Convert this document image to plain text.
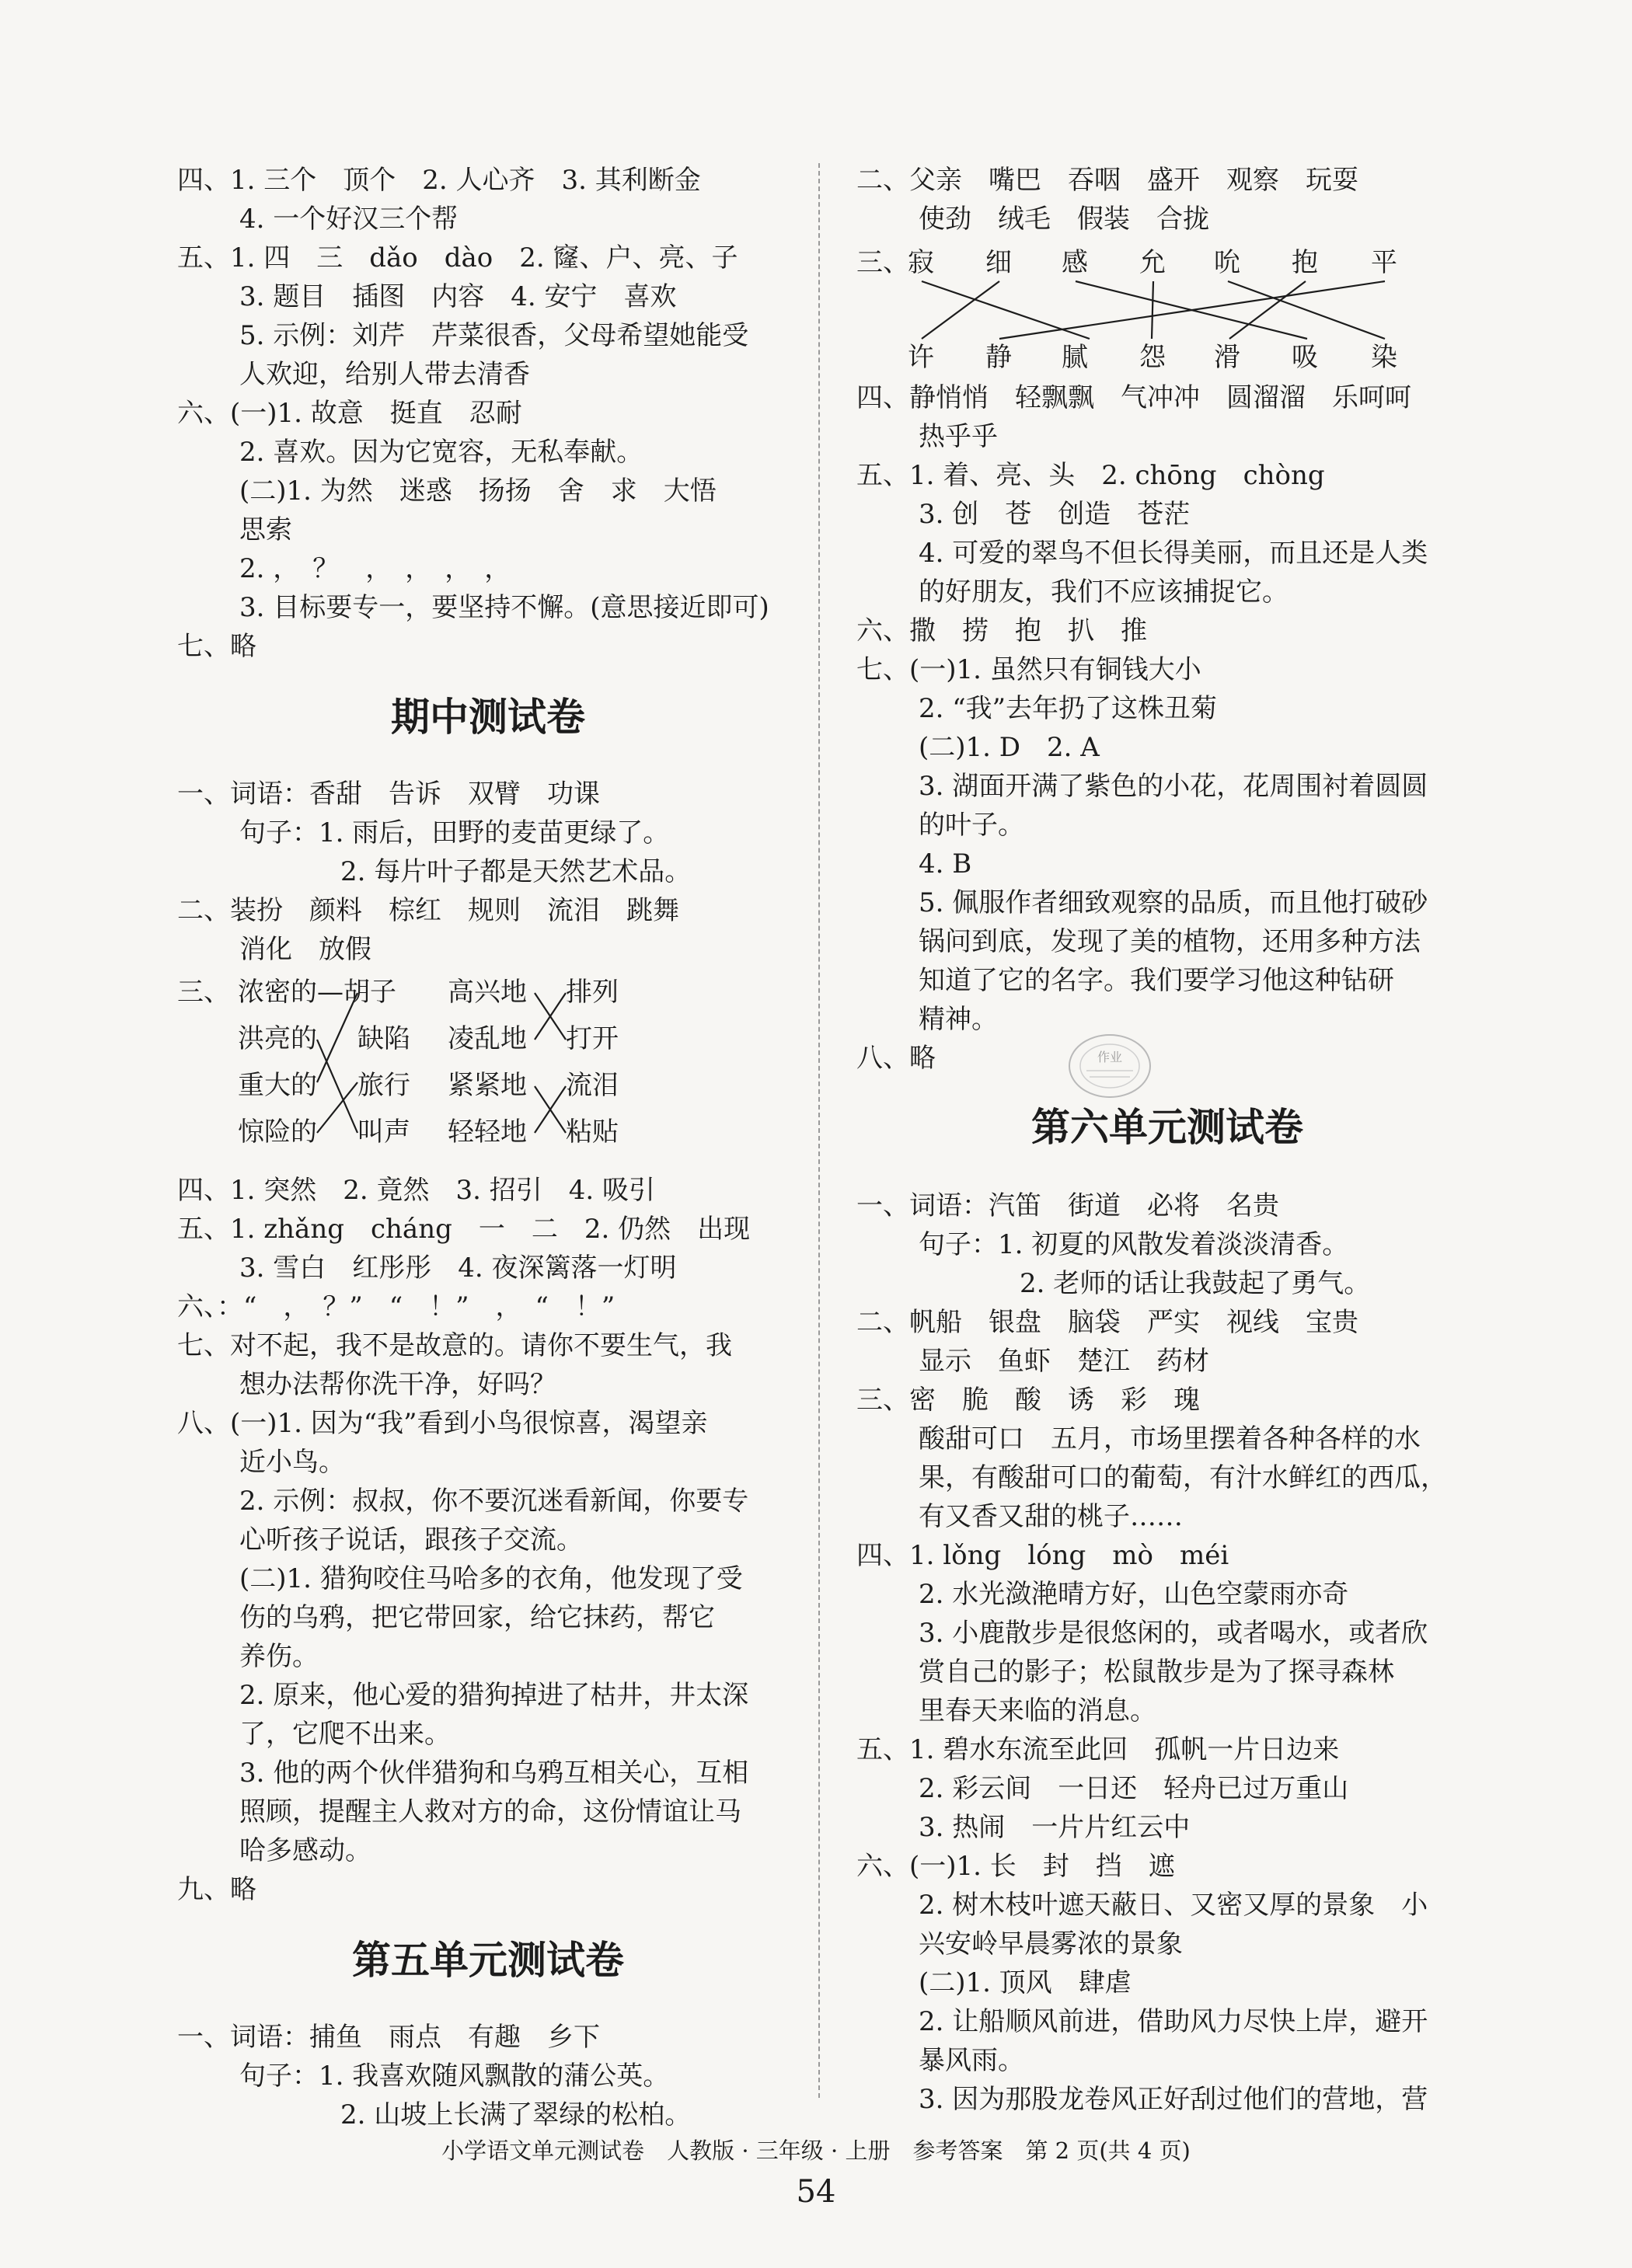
四、1. 三个　顶个　2. 人心齐　3. 其利断金
4. 一个好汉三个帮
五、1. 四　三　dǎo　dào　2. 窿、户、亮、子
3. 题目　插图　内容　4. 安宁　喜欢
5. 示例：刘芹　芹菜很香，父母希望她能受
人欢迎，给别人带去清香
六、(一)1. 故意　挺直　忍耐
2. 喜欢。因为它宽容，无私奉献。
(二)1. 为然　迷惑　扬扬　舍　求　大悟
思索
2. ，　？　，　，　，　，
3. 目标要专一，要坚持不懈。(意思接近即可)
七、略
期中测试卷
一、词语：香甜　告诉　双臂　功课
句子：1. 雨后，田野的麦苗更绿了。
2. 每片叶子都是天然艺术品。
二、装扮　颜料　棕红　规则　流泪　跳舞
消化　放假
三、 浓密的—胡子
洪亮的
重大的
惊险的
缺陷
旅行
叫声
高兴地
凌乱地
紧紧地
轻轻地
排列
打开
流泪
粘贴
四、1. 突然　2. 竟然　3. 招引　4. 吸引
五、1. zhǎng　cháng　一　二　2. 仍然　出现
3. 雪白　红彤彤　4. 夜深篱落一灯明
六、：“　，　？”　“　！”　，　“　！”
七、对不起，我不是故意的。请你不要生气，我
想办法帮你洗干净，好吗？
八、(一)1. 因为“我”看到小鸟很惊喜，渴望亲
近小鸟。
2. 示例：叔叔，你不要沉迷看新闻，你要专
心听孩子说话，跟孩子交流。
(二)1. 猎狗咬住马哈多的衣角，他发现了受
伤的乌鸦，把它带回家，给它抹药，帮它
养伤。
2. 原来，他心爱的猎狗掉进了枯井，井太深
了，它爬不出来。
3. 他的两个伙伴猎狗和乌鸦互相关心，互相
照顾，提醒主人救对方的命，这份情谊让马
哈多感动。
九、略
第五单元测试卷
一、词语：捕鱼　雨点　有趣　乡下
句子：1. 我喜欢随风飘散的蒲公英。
2. 山坡上长满了翠绿的松柏。
二、父亲　嘴巴　吞咽　盛开　观察　玩耍
使劲　绒毛　假装　合拢
三、
寂 细 感 允 吮 抱 平
许 静 腻 怨 滑 吸 染
四、静悄悄　轻飘飘　气冲冲　圆溜溜　乐呵呵
热乎乎
五、1. 着、亮、头　2. chōng　chòng
3. 创　苍　创造　苍茫
4. 可爱的翠鸟不但长得美丽，而且还是人类
的好朋友，我们不应该捕捉它。
六、撒　捞　抱　扒　推
七、(一)1. 虽然只有铜钱大小
2. “我”去年扔了这株丑菊
(二)1. D　2. A
3. 湖面开满了紫色的小花，花周围衬着圆圆
的叶子。
4. B
5. 佩服作者细致观察的品质，而且他打破砂
锅问到底，发现了美的植物，还用多种方法
知道了它的名字。我们要学习他这种钻研
精神。
八、略
第六单元测试卷
一、词语：汽笛　街道　必将　名贵
句子：1. 初夏的风散发着淡淡清香。
2. 老师的话让我鼓起了勇气。
二、帆船　银盘　脑袋　严实　视线　宝贵
显示　鱼虾　楚江　药材
三、密　脆　酸　诱　彩　瑰
酸甜可口　五月，市场里摆着各种各样的水
果，有酸甜可口的葡萄，有汁水鲜红的西瓜，
有又香又甜的桃子……
四、1. lǒng　lóng　mò　méi
2. 水光潋滟晴方好，山色空蒙雨亦奇
3. 小鹿散步是很悠闲的，或者喝水，或者欣
赏自己的影子；松鼠散步是为了探寻森林
里春天来临的消息。
五、1. 碧水东流至此回　孤帆一片日边来
2. 彩云间　一日还　轻舟已过万重山
3. 热闹　一片片红云中
六、(一)1. 长　封　挡　遮
2. 树木枝叶遮天蔽日、又密又厚的景象　小
兴安岭早晨雾浓的景象
(二)1. 顶风　肆虐
2. 让船顺风前进，借助风力尽快上岸，避开
暴风雨。
3. 因为那股龙卷风正好刮过他们的营地，营
作业
小学语文单元测试卷　人教版 · 三年级 · 上册　参考答案　第 2 页(共 4 页)
54
